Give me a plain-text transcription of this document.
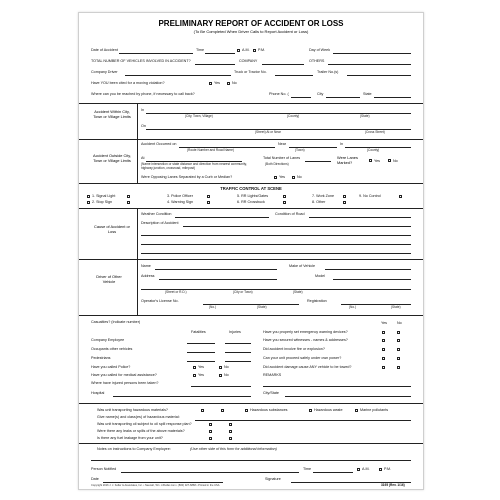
PRELIMINARY REPORT OF ACCIDENT OR LOSS
(To Be Completed When Driver Calls to Report Accident or Loss)
Date of Accident	Time	A.M. P.M.	Day of Week
TOTAL NUMBER OF VEHICLES INVOLVED IN ACCIDENT?	COMPANY	OTHERS
Company Driver	Truck or Tractor No.	Trailer No.(s)
Have YOU been cited for a moving violation?	Yes	No
Where can you be reached by phone, if necessary to call back?	Phone No. (	City	State
Accident Within City, Town or Village Limits
In
(City, Town, Village)	(County)	(State)
On
(Street) At or Near	(Cross Street)
Accident Outside City, Town or Village Limits
Accident Occurred on	Near	In
(Route Number and Road Name)	(Town)	(County)
At
(Name intersection or state distance and direction from nearest community, highway junction, crossroad, milepost)
Total Number of Lanes
(Both Directions)
Were Lanes Marked?	Yes	No
Were Opposing Lanes Separated by a Curb or Median?	Yes	No
TRAFFIC CONTROL AT SCENE
1. Signal Light
2. Stop Sign
3. Police Officer
4. Warning Sign
5. RR Lights/Gates
6. RR Crossbuck
7. Work Zone
8. Other
9. No Control
Cause of Accident or Loss
Weather Condition	Condition of Road
Description of Accident
Driver of Other Vehicle
Name	Make of Vehicle
Address	Model
(Street or R.D.)	(City or Town)	(State)
Operator's License No.	Registration
(No.)	(State)	(No.)	(State)
Casualties? (Indicate number)
Fatalities	Injuries
Company Employee
Occupants other vehicles
Pedestrians
Have you called Police?	Yes	No
Have you called for medical assistance?	Yes	No
Where have injured persons been taken?
Hospital
Yes	No
Have you properly set emergency warning devices?
Have you secured witnesses - names & addresses?
Did accident involve fire or explosion?
Can your unit proceed safely under own power?
Did accident damage cause ANY vehicle to be towed?
REMARKS
City/State
Was unit transporting hazardous materials?	Hazardous substances	Hazardous waste	Marine pollutants
Give name(s) and class(es) of hazardous material:
Was unit transporting oil subject to oil spill response plan?
Were there any leaks or spills of the above materials?
Is there any fuel leakage from your unit?
Notes on instructions to Company Employee:	(Use other side of this form for additional information)
Person Notified	Time	A.M.	P.M.
Date	Signature
Copyright 2016 J. J. Keller & Associates, Inc. • Neenah, WI • JJKeller.com • (800) 327-6868 • Printed in the USA	3195 (Rev. 1/16)
